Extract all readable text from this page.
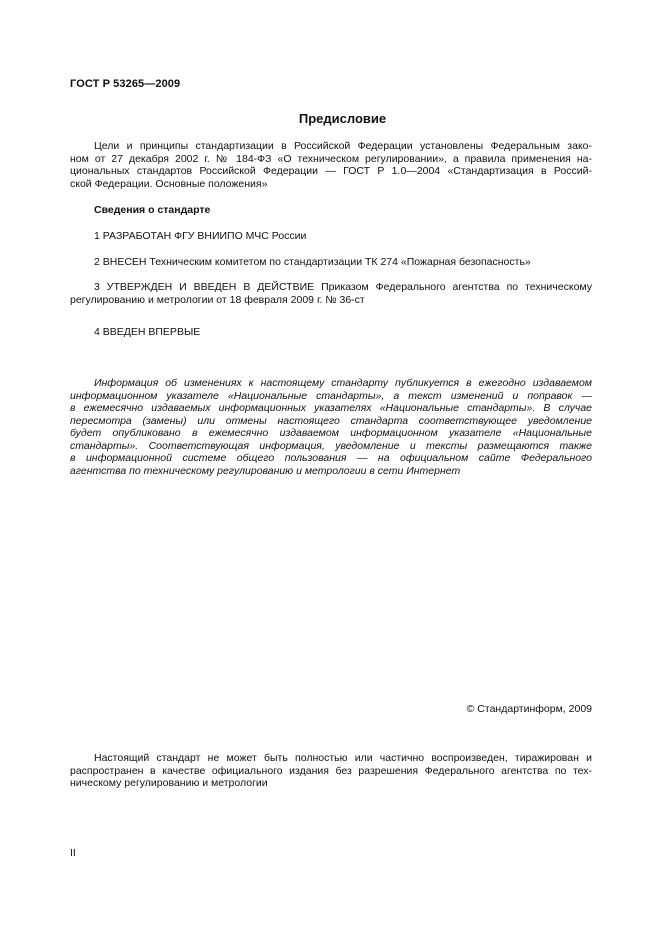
ГОСТ Р 53265—2009
Предисловие
Цели и принципы стандартизации в Российской Федерации установлены Федеральным зако-
ном от 27 декабря 2002 г. № 184-ФЗ «О техническом регулировании», а правила применения на-
циональных стандартов Российской Федерации — ГОСТ Р 1.0—2004 «Стандартизация в Россий-
ской Федерации. Основные положения»
Сведения о стандарте
1 РАЗРАБОТАН ФГУ ВНИИПО МЧС России
2 ВНЕСЕН Техническим комитетом по стандартизации ТК 274 «Пожарная безопасность»
3 УТВЕРЖДЕН И ВВЕДЕН В ДЕЙСТВИЕ Приказом Федерального агентства по техническому
регулированию и метрологии от 18 февраля 2009 г. № 36-ст
4 ВВЕДЕН ВПЕРВЫЕ
Информация об изменениях к настоящему стандарту публикуется в ежегодно издаваемом
информационном указателе «Национальные стандарты», а текст изменений и поправок —
в ежемесячно издаваемых информационных указателях «Национальные стандарты». В случае
пересмотра (замены) или отмены настоящего стандарта соответствующее уведомление
будет опубликовано в ежемесячно издаваемом информационном указателе «Национальные
стандарты». Соответствующая информация, уведомление и тексты размещаются также
в информационной системе общего пользования — на официальном сайте Федерального
агентства по техническому регулированию и метрологии в сети Интернет
© Стандартинформ, 2009
Настоящий стандарт не может быть полностью или частично воспроизведен, тиражирован и
распространен в качестве официального издания без разрешения Федерального агентства по тех-
ническому регулированию и метрологии
II
